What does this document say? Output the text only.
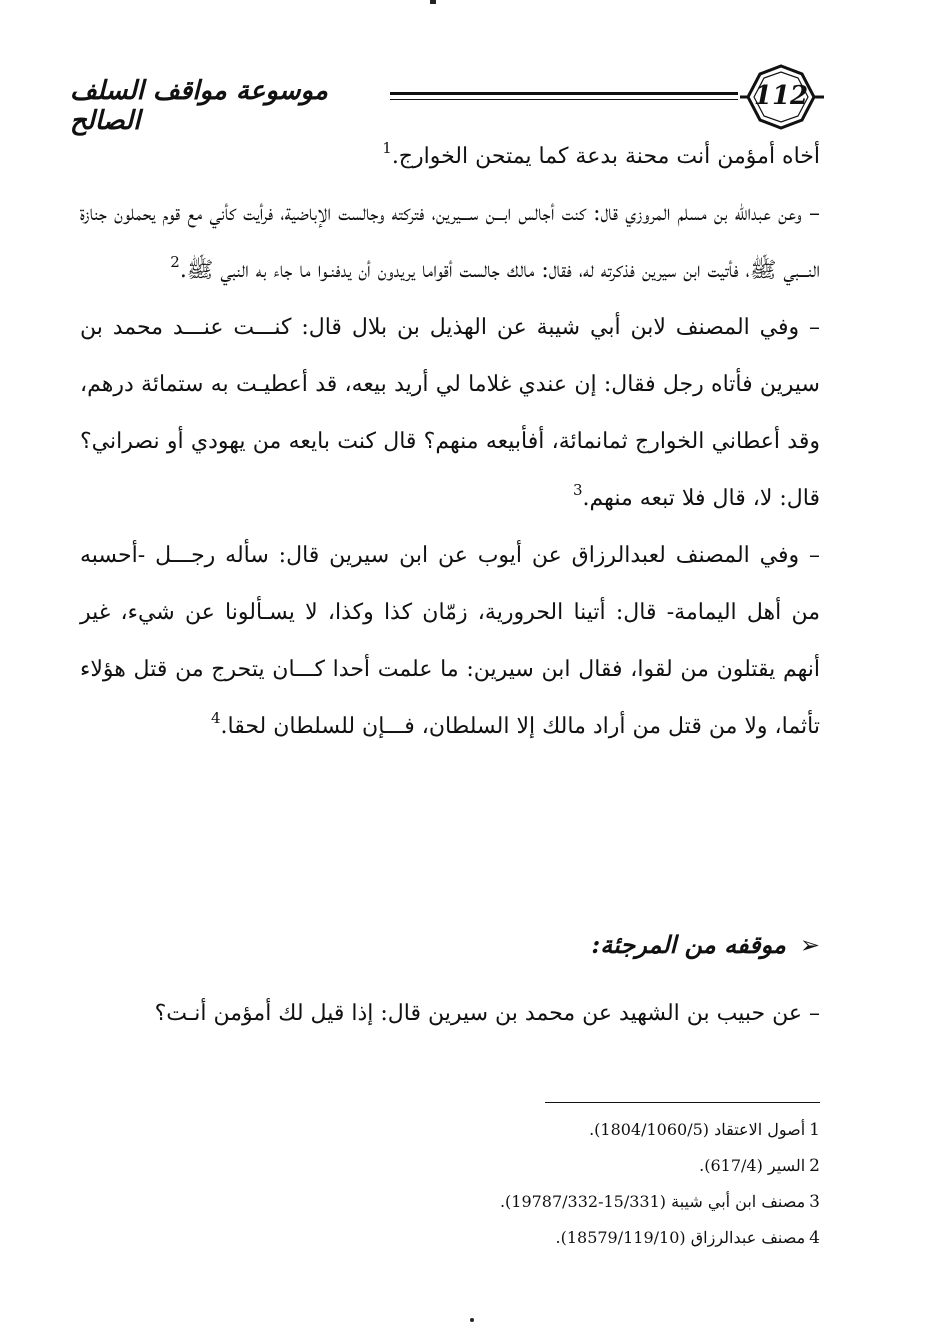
موسوعة مواقف السلف الصالح
112

أخاه أمؤمن أنت محنة بدعة كما يمتحن الخوارج.$^1$

– وعن عبدالله بن مسلم المروزي قال: كنت أجالس ابـــن ســـيرين، فتركته وجالست الإباضية، فرأيت كأني مع قوم يحملون جنازة النـــبي ﷺ، فأتيت ابن سيرين فذكرته له، فقال: مالك جالست أقواما يريدون أن يدفنـوا ما جاء به النبي ﷺ.$^2$

– وفي المصنف لابن أبي شيبة عن الهذيل بن بلال قال: كنـــت عنـــد محمد بن سيرين فأتاه رجل فقال: إن عندي غلاما لي أريد بيعه، قد أعطيـت به ستمائة درهم، وقد أعطاني الخوارج ثمانمائة، أفأبيعه منهم؟ قال كنت بايعه من يهودي أو نصراني؟ قال: لا، قال فلا تبعه منهم.$^3$

– وفي المصنف لعبدالرزاق عن أيوب عن ابن سيرين قال: سأله رجـــل -أحسبه من أهل اليمامة- قال: أتينا الحرورية، زمّان كذا وكذا، لا يسـألونا عن شيء، غير أنهم يقتلون من لقوا، فقال ابن سيرين: ما علمت أحدا كـــان يتحرج من قتل هؤلاء تأثما، ولا من قتل من أراد مالك إلا السلطان، فـــإن للسلطان لحقا.$^4$

➢موقفه من المرجئة:

– عن حبيب بن الشهيد عن محمد بن سيرين قال: إذا قيل لك أمؤمن أنـت؟

1أصول الاعتقاد (1804/1060/5).

2السير (617/4).

3مصنف ابن أبي شيبة (15/331-19787/332).

4مصنف عبدالرزاق (18579/119/10).
